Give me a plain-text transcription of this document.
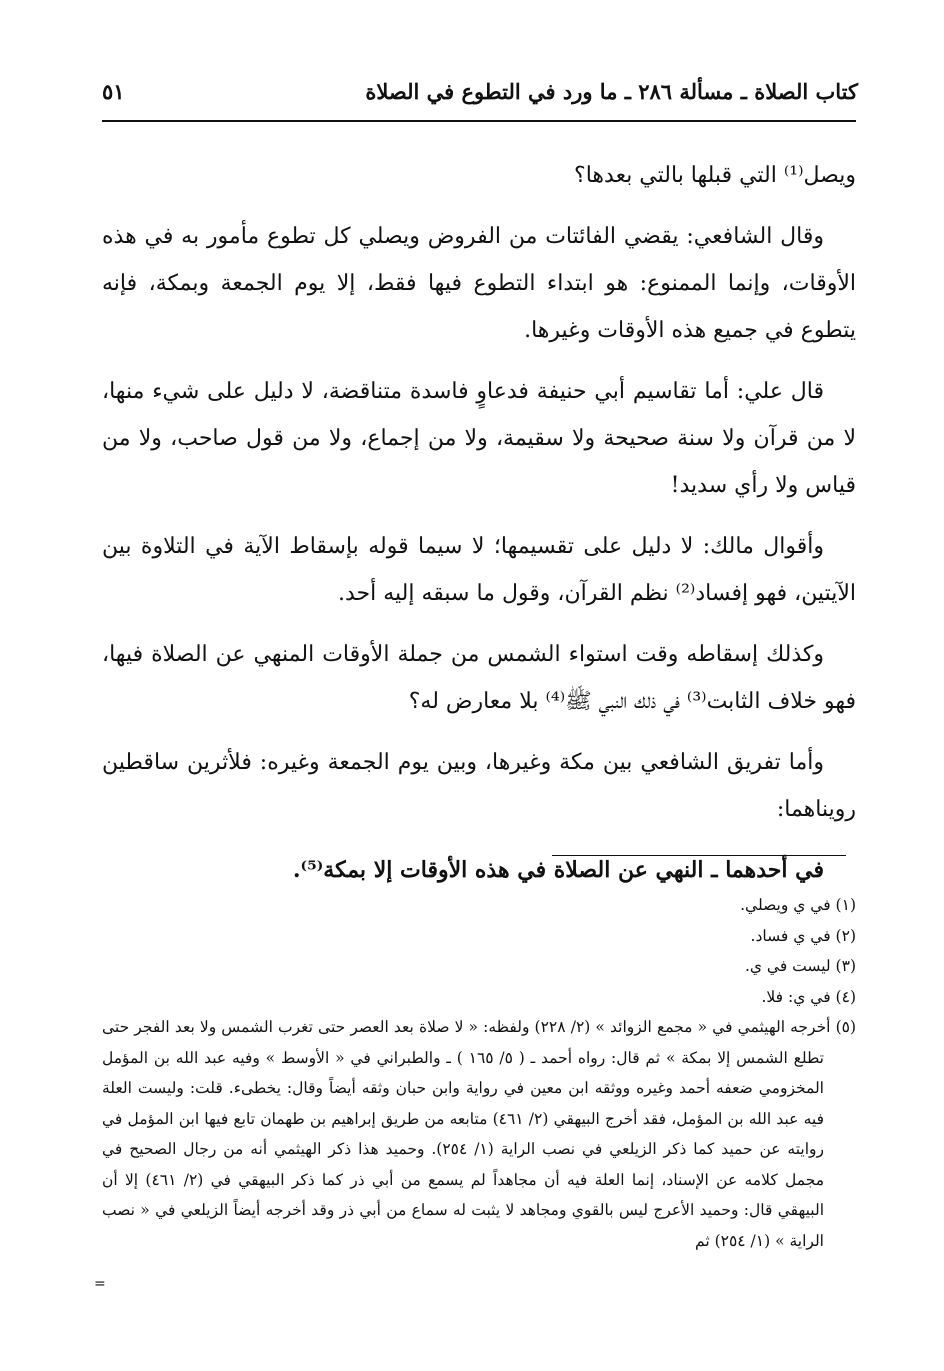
كتاب الصلاة ـ مسألة ٢٨٦ ـ ما ورد في التطوع في الصلاة
٥١

ويصل⁽¹⁾ التي قبلها بالتي بعدها؟

وقال الشافعي: يقضي الفائتات من الفروض ويصلي كل تطوع مأمور به في هذه الأوقات، وإنما الممنوع: هو ابتداء التطوع فيها فقط، إلا يوم الجمعة وبمكة، فإنه يتطوع في جميع هذه الأوقات وغيرها.

قال علي: أما تقاسيم أبي حنيفة فدعاوٍ فاسدة متناقضة، لا دليل على شيء منها، لا من قرآن ولا سنة صحيحة ولا سقيمة، ولا من إجماع، ولا من قول صاحب، ولا من قياس ولا رأي سديد!

وأقوال مالك: لا دليل على تقسيمها؛ لا سيما قوله بإسقاط الآية في التلاوة بين الآيتين، فهو إفساد⁽²⁾ نظم القرآن، وقول ما سبقه إليه أحد.

وكذلك إسقاطه وقت استواء الشمس من جملة الأوقات المنهي عن الصلاة فيها، فهو خلاف الثابت⁽³⁾ في ذلك النبي ﷺ⁽⁴⁾ بلا معارض له؟

وأما تفريق الشافعي بين مكة وغيرها، وبين يوم الجمعة وغيره: فلأثرين ساقطين رويناهما:

في أحدهما ـ النهي عن الصلاة في هذه الأوقات إلا بمكة⁽⁵⁾.

(١) في ي ويصلي.

(٢) في ي فساد.

(٣) ليست في ي.

(٤) في ي: فلا.

(٥) أخرجه الهيثمي في « مجمع الزوائد » (٢/ ٢٢٨) ولفظه: « لا صلاة بعد العصر حتى تغرب الشمس ولا بعد الفجر حتى تطلع الشمس إلا بمكة » ثم قال: رواه أحمد ـ ( ٥/ ١٦٥ ) ـ والطبراني في « الأوسط » وفيه عبد الله بن المؤمل المخزومي ضعفه أحمد وغيره ووثقه ابن معين في رواية وابن حبان وثقه أيضاً وقال: يخطىء. قلت: وليست العلة فيه عبد الله بن المؤمل، فقد أخرج البيهقي (٢/ ٤٦١) متابعه من طريق إبراهيم بن طهمان تابع فيها ابن المؤمل في روايته عن حميد كما ذكر الزيلعي في نصب الراية (١/ ٢٥٤). وحميد هذا ذكر الهيثمي أنه من رجال الصحيح في مجمل كلامه عن الإسناد، إنما العلة فيه أن مجاهداً لم يسمع من أبي ذر كما ذكر البيهقي في (٢/ ٤٦١) إلا أن البيهقي قال: وحميد الأعرج ليس بالقوي ومجاهد لا يثبت له سماع من أبي ذر وقد أخرجه أيضاً الزيلعي في « نصب الراية » (١/ ٢٥٤) ثم

=
